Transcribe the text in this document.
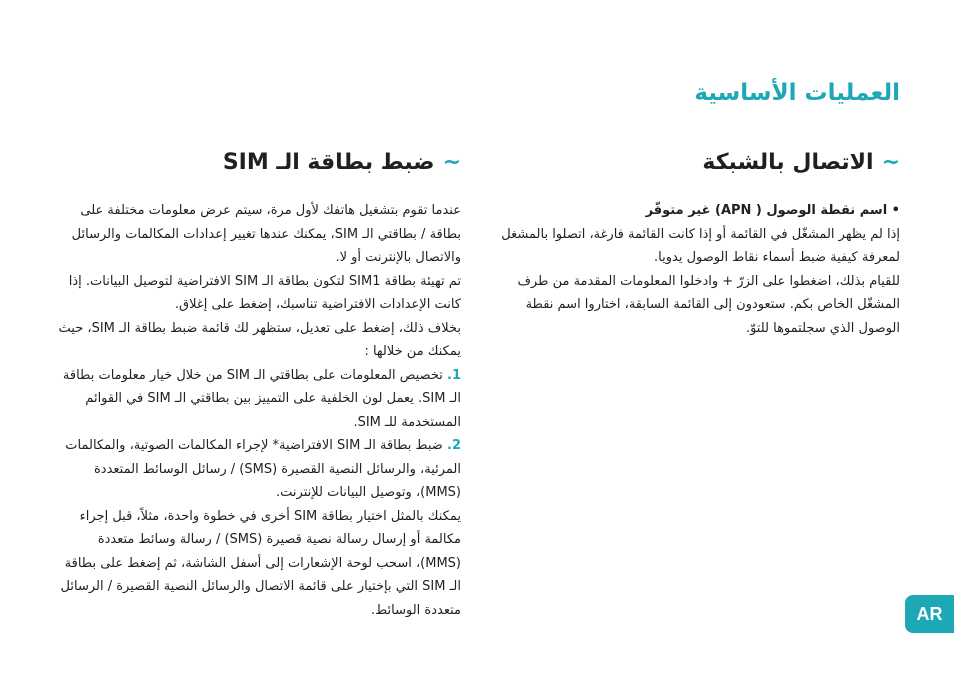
العمليات الأساسية
~
الاتصال بالشبكة

• اسم نقطة الوصول ( APN) غير متوفّر

إذا لم يظهر المشغّل في القائمة أو إذا كانت القائمة فارغة، اتصلوا بالمشغل لمعرفة كيفية ضبط أسماء نقاط الوصول يدويا.

للقيام بذلك، اضغطوا على الزرّ + وادخلوا المعلومات المقدمة من طرف المشغّل الخاص بكم. ستعودون إلى القائمة السابقة، اختاروا اسم نقطة الوصول الذي سجلتموها للتوّ.

~
ضبط بطاقة الـ SIM

عندما تقوم بتشغيل هاتفك لأول مرة، سيتم عرض معلومات مختلفة على بطاقة / بطاقتي الـ SIM، يمكنك عندها تغيير إعدادات المكالمات والرسائل والاتصال بالإنترنت أو لا.

تم تهيئة بطاقة SIM1 لتكون بطاقة الـ SIM الافتراضية لتوصيل البيانات. إذا كانت الإعدادات الافتراضية تناسبك، إضغط على إغلاق.

بخلاف ذلك، إضغط على تعديل، ستظهر لك قائمة ضبط بطاقة الـ SIM، حيث يمكنك من خلالها :

1. تخصيص المعلومات على بطاقتي الـ SIM من خلال خيار معلومات بطاقة الـ SIM. يعمل لون الخلفية على التمييز بين بطاقتي الـ SIM في القوائم المستخدمة للـ SIM.

2. ضبط بطاقة الـ SIM الافتراضية* لإجراء المكالمات الصوتية، والمكالمات المرئية، والرسائل النصية القصيرة (SMS) / رسائل الوسائط المتعددة (MMS)، وتوصيل البيانات للإنترنت.

يمكنك بالمثل اختيار بطاقة SIM أخرى في خطوة واحدة، مثلاً، قبل إجراء مكالمة أو إرسال رسالة نصية قصيرة (SMS) / رسالة وسائط متعددة (MMS)، اسحب لوحة الإشعارات إلى أسفل الشاشة، ثم إضغط على بطاقة الـ SIM التي بإختيار على قائمة الاتصال والرسائل النصية القصيرة / الرسائل متعددة الوسائط.	AR
